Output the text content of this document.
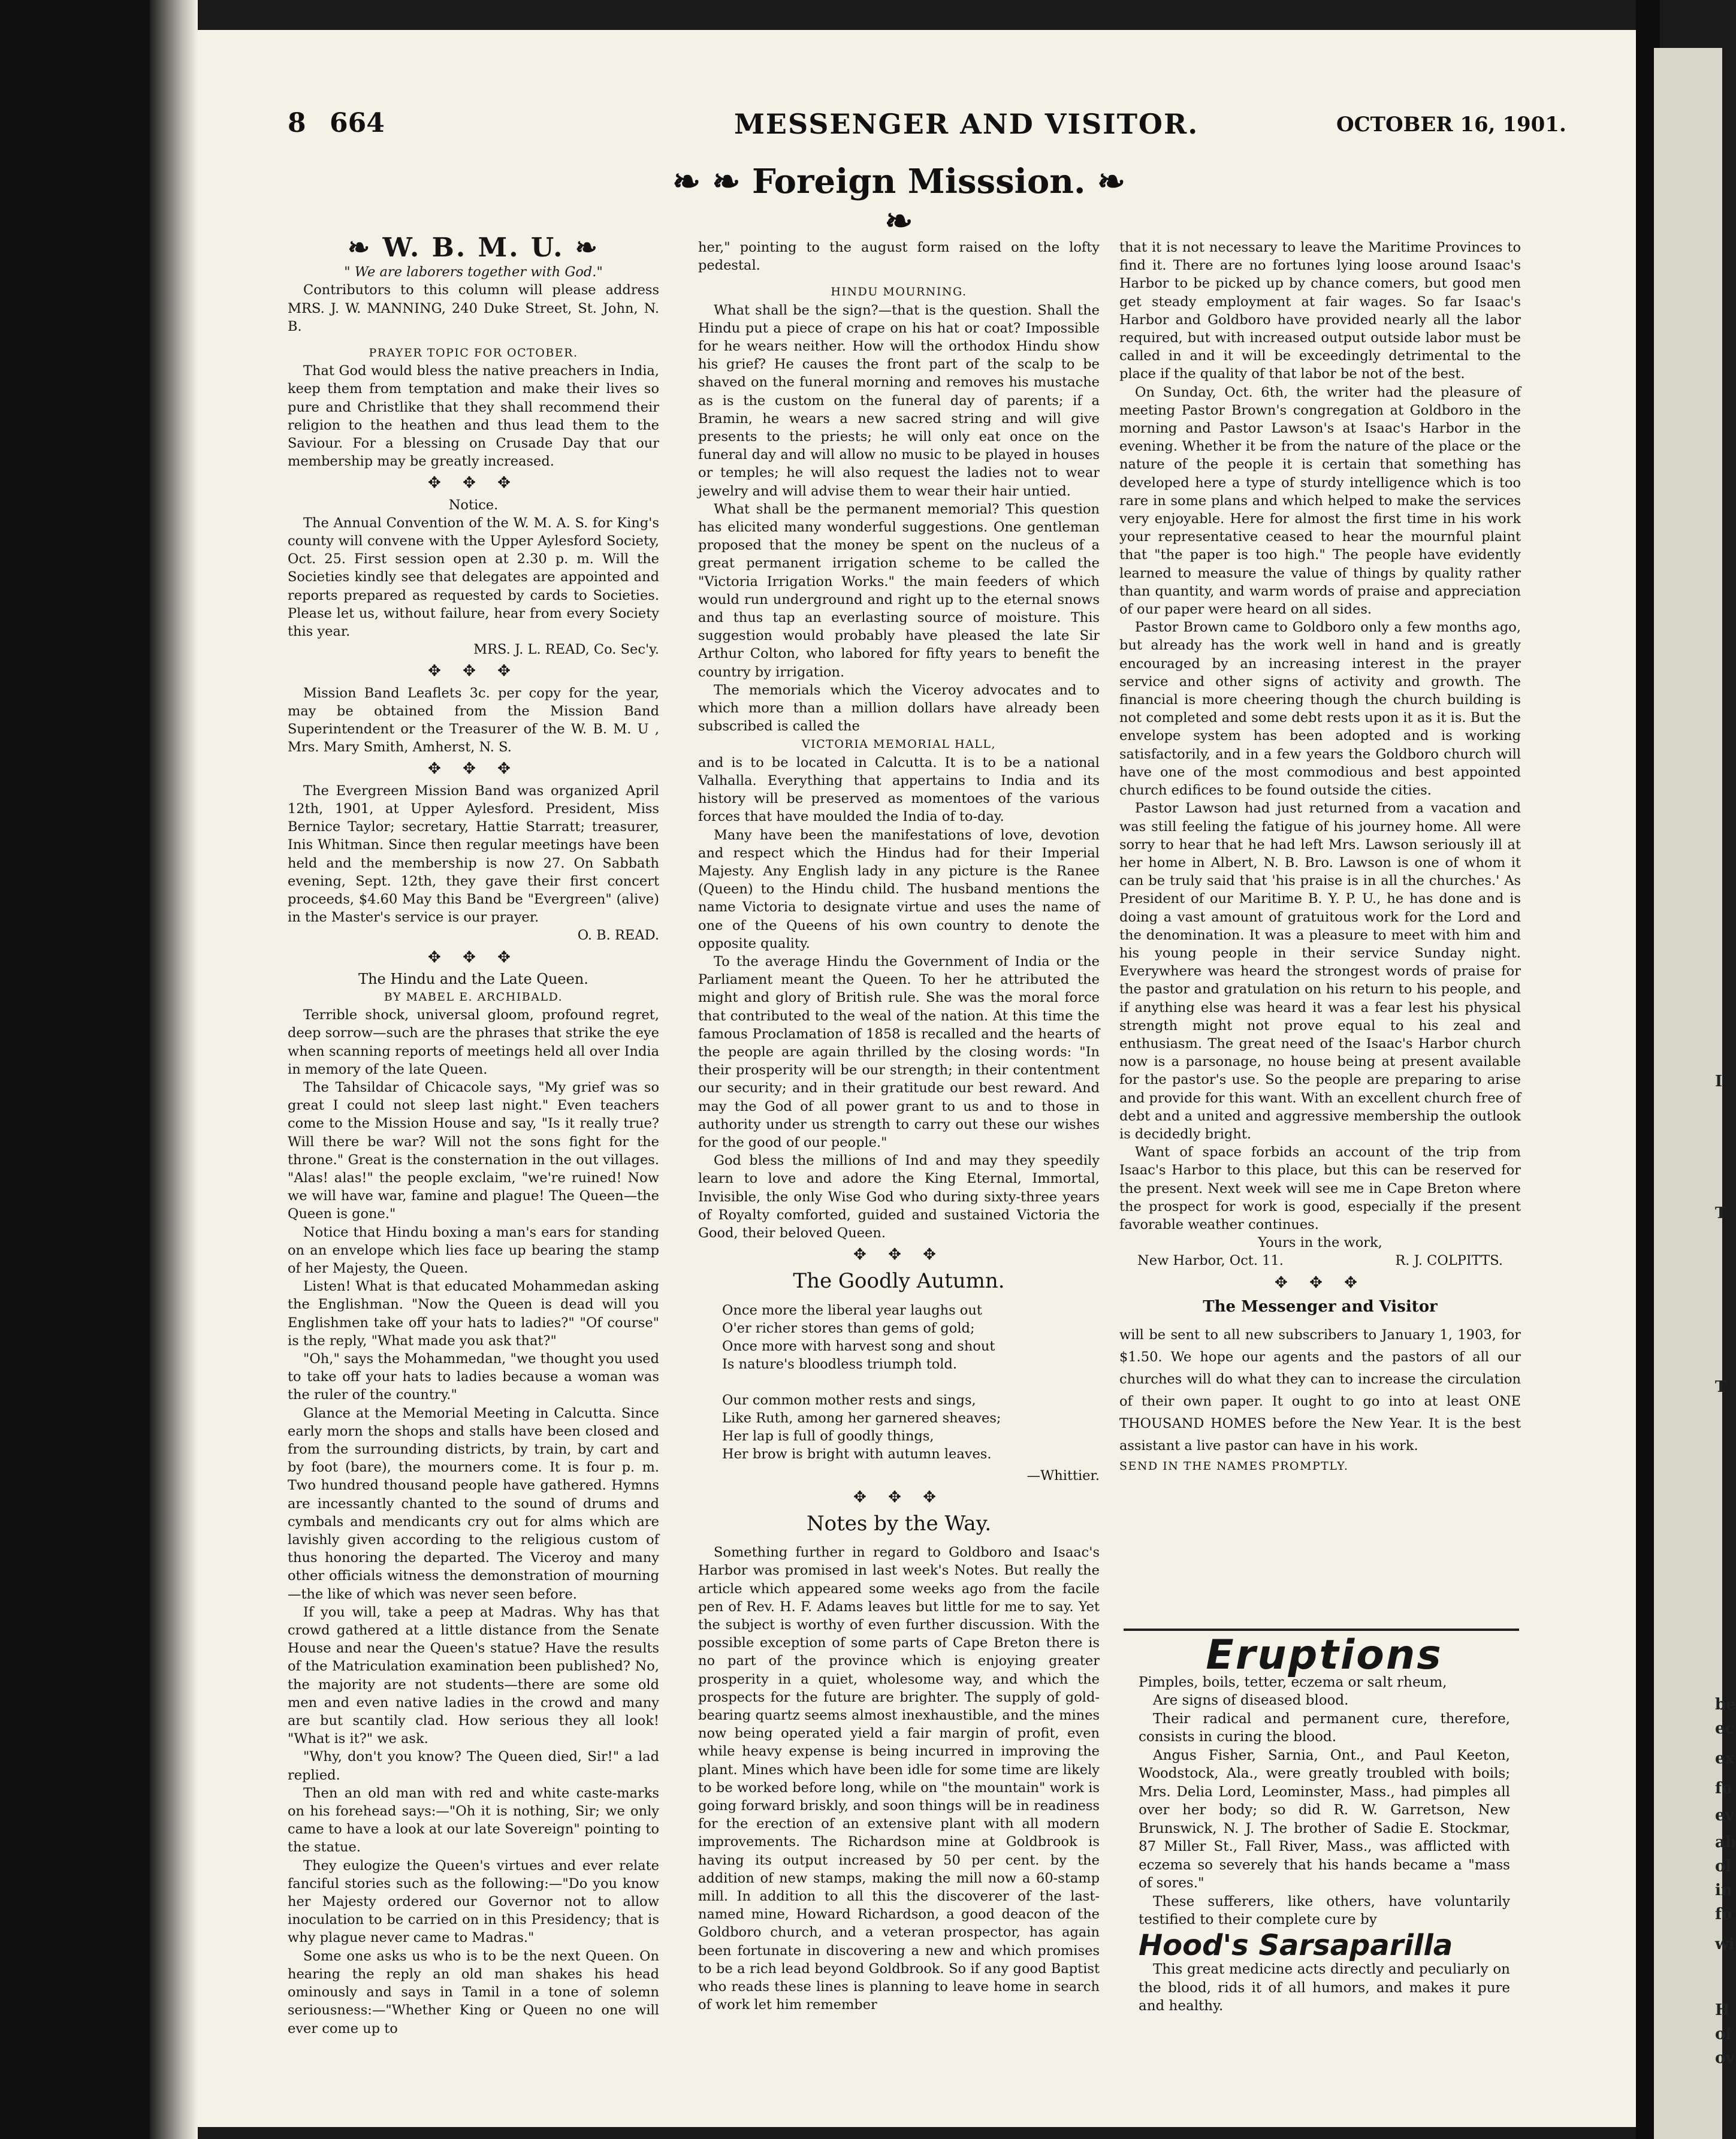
8 664	MESSENGER AND VISITOR.	OCTOBER 16, 1901.
❧ ❧ Foreign Misssion. ❧ ❧
❧ W. B. M. U. ❧

" We are laborers together with God."

Contributors to this column will please address MRS. J. W. MANNING, 240 Duke Street, St. John, N. B.

PRAYER TOPIC FOR OCTOBER.

That God would bless the native preachers in India, keep them from temptation and make their lives so pure and Christlike that they shall recommend their religion to the heathen and thus lead them to the Saviour. For a blessing on Crusade Day that our membership may be greatly increased.

✥ ✥ ✥

Notice.

The Annual Convention of the W. M. A. S. for King's county will convene with the Upper Aylesford Society, Oct. 25. First session open at 2.30 p. m. Will the Societies kindly see that delegates are appointed and reports prepared as requested by cards to Societies. Please let us, without failure, hear from every Society this year.

MRS. J. L. READ, Co. Sec'y.

✥ ✥ ✥

Mission Band Leaflets 3c. per copy for the year, may be obtained from the Mission Band Superintendent or the Treasurer of the W. B. M. U , Mrs. Mary Smith, Amherst, N. S.

✥ ✥ ✥

The Evergreen Mission Band was organized April 12th, 1901, at Upper Aylesford. President, Miss Bernice Taylor; secretary, Hattie Starratt; treasurer, Inis Whitman. Since then regular meetings have been held and the membership is now 27. On Sabbath evening, Sept. 12th, they gave their first concert proceeds, $4.60 May this Band be "Evergreen" (alive) in the Master's service is our prayer.

O. B. READ.

✥ ✥ ✥

The Hindu and the Late Queen.

BY MABEL E. ARCHIBALD.

Terrible shock, universal gloom, profound regret, deep sorrow—such are the phrases that strike the eye when scanning reports of meetings held all over India in memory of the late Queen.

The Tahsildar of Chicacole says, "My grief was so great I could not sleep last night." Even teachers come to the Mission House and say, "Is it really true? Will there be war? Will not the sons fight for the throne." Great is the consternation in the out villages. "Alas! alas!" the people exclaim, "we're ruined! Now we will have war, famine and plague! The Queen—the Queen is gone."

Notice that Hindu boxing a man's ears for standing on an envelope which lies face up bearing the stamp of her Majesty, the Queen.

Listen! What is that educated Mohammedan asking the Englishman. "Now the Queen is dead will you Englishmen take off your hats to ladies?" "Of course" is the reply, "What made you ask that?"

"Oh," says the Mohammedan, "we thought you used to take off your hats to ladies because a woman was the ruler of the country."

Glance at the Memorial Meeting in Calcutta. Since early morn the shops and stalls have been closed and from the surrounding districts, by train, by cart and by foot (bare), the mourners come. It is four p. m. Two hundred thousand people have gathered. Hymns are incessantly chanted to the sound of drums and cymbals and mendicants cry out for alms which are lavishly given according to the religious custom of thus honoring the departed. The Viceroy and many other officials witness the demonstration of mourning—the like of which was never seen before.

If you will, take a peep at Madras. Why has that crowd gathered at a little distance from the Senate House and near the Queen's statue? Have the results of the Matriculation examination been published? No, the majority are not students—there are some old men and even native ladies in the crowd and many are but scantily clad. How serious they all look! "What is it?" we ask.

"Why, don't you know? The Queen died, Sir!" a lad replied.

Then an old man with red and white caste-marks on his forehead says:—"Oh it is nothing, Sir; we only came to have a look at our late Sovereign" pointing to the statue.

They eulogize the Queen's virtues and ever relate fanciful stories such as the following:—"Do you know her Majesty ordered our Governor not to allow inoculation to be carried on in this Presidency; that is why plague never came to Madras."

Some one asks us who is to be the next Queen. On hearing the reply an old man shakes his head ominously and says in Tamil in a tone of solemn seriousness:—"Whether King or Queen no one will ever come up to

her," pointing to the august form raised on the lofty pedestal.

HINDU MOURNING.

What shall be the sign?—that is the question. Shall the Hindu put a piece of crape on his hat or coat? Impossible for he wears neither. How will the orthodox Hindu show his grief? He causes the front part of the scalp to be shaved on the funeral morning and removes his mustache as is the custom on the funeral day of parents; if a Bramin, he wears a new sacred string and will give presents to the priests; he will only eat once on the funeral day and will allow no music to be played in houses or temples; he will also request the ladies not to wear jewelry and will advise them to wear their hair untied.

What shall be the permanent memorial? This question has elicited many wonderful suggestions. One gentleman proposed that the money be spent on the nucleus of a great permanent irrigation scheme to be called the "Victoria Irrigation Works." the main feeders of which would run underground and right up to the eternal snows and thus tap an everlasting source of moisture. This suggestion would probably have pleased the late Sir Arthur Colton, who labored for fifty years to benefit the country by irrigation.

The memorials which the Viceroy advocates and to which more than a million dollars have already been subscribed is called the

VICTORIA MEMORIAL HALL,

and is to be located in Calcutta. It is to be a national Valhalla. Everything that appertains to India and its history will be preserved as momentoes of the various forces that have moulded the India of to-day.

Many have been the manifestations of love, devotion and respect which the Hindus had for their Imperial Majesty. Any English lady in any picture is the Ranee (Queen) to the Hindu child. The husband mentions the name Victoria to designate virtue and uses the name of one of the Queens of his own country to denote the opposite quality.

To the average Hindu the Government of India or the Parliament meant the Queen. To her he attributed the might and glory of British rule. She was the moral force that contributed to the weal of the nation. At this time the famous Proclamation of 1858 is recalled and the hearts of the people are again thrilled by the closing words: "In their prosperity will be our strength; in their contentment our security; and in their gratitude our best reward. And may the God of all power grant to us and to those in authority under us strength to carry out these our wishes for the good of our people."

God bless the millions of Ind and may they speedily learn to love and adore the King Eternal, Immortal, Invisible, the only Wise God who during sixty-three years of Royalty comforted, guided and sustained Victoria the Good, their beloved Queen.

✥ ✥ ✥

The Goodly Autumn.
Once more the liberal year laughs out
O'er richer stores than gems of gold;
Once more with harvest song and shout
Is nature's bloodless triumph told.

Our common mother rests and sings,
Like Ruth, among her garnered sheaves;
Her lap is full of goodly things,
Her brow is bright with autumn leaves.

—Whittier.

✥ ✥ ✥

Notes by the Way.

Something further in regard to Goldboro and Isaac's Harbor was promised in last week's Notes. But really the article which appeared some weeks ago from the facile pen of Rev. H. F. Adams leaves but little for me to say. Yet the subject is worthy of even further discussion. With the possible exception of some parts of Cape Breton there is no part of the province which is enjoying greater prosperity in a quiet, wholesome way, and which the prospects for the future are brighter. The supply of gold-bearing quartz seems almost inexhaustible, and the mines now being operated yield a fair margin of profit, even while heavy expense is being incurred in improving the plant. Mines which have been idle for some time are likely to be worked before long, while on "the mountain" work is going forward briskly, and soon things will be in readiness for the erection of an extensive plant with all modern improvements. The Richardson mine at Goldbrook is having its output increased by 50 per cent. by the addition of new stamps, making the mill now a 60-stamp mill. In addition to all this the discoverer of the last-named mine, Howard Richardson, a good deacon of the Goldboro church, and a veteran prospector, has again been fortunate in discovering a new and which promises to be a rich lead beyond Goldbrook. So if any good Baptist who reads these lines is planning to leave home in search of work let him remember

that it is not necessary to leave the Maritime Provinces to find it. There are no fortunes lying loose around Isaac's Harbor to be picked up by chance comers, but good men get steady employment at fair wages. So far Isaac's Harbor and Goldboro have provided nearly all the labor required, but with increased output outside labor must be called in and it will be exceedingly detrimental to the place if the quality of that labor be not of the best.

On Sunday, Oct. 6th, the writer had the pleasure of meeting Pastor Brown's congregation at Goldboro in the morning and Pastor Lawson's at Isaac's Harbor in the evening. Whether it be from the nature of the place or the nature of the people it is certain that something has developed here a type of sturdy intelligence which is too rare in some plans and which helped to make the services very enjoyable. Here for almost the first time in his work your representative ceased to hear the mournful plaint that "the paper is too high." The people have evidently learned to measure the value of things by quality rather than quantity, and warm words of praise and appreciation of our paper were heard on all sides.

Pastor Brown came to Goldboro only a few months ago, but already has the work well in hand and is greatly encouraged by an increasing interest in the prayer service and other signs of activity and growth. The financial is more cheering though the church building is not completed and some debt rests upon it as it is. But the envelope system has been adopted and is working satisfactorily, and in a few years the Goldboro church will have one of the most commodious and best appointed church edifices to be found outside the cities.

Pastor Lawson had just returned from a vacation and was still feeling the fatigue of his journey home. All were sorry to hear that he had left Mrs. Lawson seriously ill at her home in Albert, N. B. Bro. Lawson is one of whom it can be truly said that 'his praise is in all the churches.' As President of our Maritime B. Y. P. U., he has done and is doing a vast amount of gratuitous work for the Lord and the denomination. It was a pleasure to meet with him and his young people in their service Sunday night. Everywhere was heard the strongest words of praise for the pastor and gratulation on his return to his people, and if anything else was heard it was a fear lest his physical strength might not prove equal to his zeal and enthusiasm. The great need of the Isaac's Harbor church now is a parsonage, no house being at present available for the pastor's use. So the people are preparing to arise and provide for this want. With an excellent church free of debt and a united and aggressive membership the outlook is decidedly bright.

Want of space forbids an account of the trip from Isaac's Harbor to this place, but this can be reserved for the present. Next week will see me in Cape Breton where the prospect for work is good, especially if the present favorable weather continues.

Yours in the work,

New Harbor, Oct. 11.	R. J. COLPITTS.

✥ ✥ ✥

The Messenger and Visitor

will be sent to all new subscribers to January 1, 1903, for $1.50. We hope our agents and the pastors of all our churches will do what they can to increase the circulation of their own paper. It ought to go into at least ONE THOUSAND HOMES before the New Year. It is the best assistant a live pastor can have in his work.

SEND IN THE NAMES PROMPTLY.

Eruptions

Pimples, boils, tetter, eczema or salt rheum,

Are signs of diseased blood.

Their radical and permanent cure, therefore, consists in curing the blood.

Angus Fisher, Sarnia, Ont., and Paul Keeton, Woodstock, Ala., were greatly troubled with boils; Mrs. Delia Lord, Leominster, Mass., had pimples all over her body; so did R. W. Garretson, New Brunswick, N. J. The brother of Sadie E. Stockmar, 87 Miller St., Fall River, Mass., was afflicted with eczema so severely that his hands became a "mass of sores."

These sufferers, like others, have voluntarily testified to their complete cure by

Hood's Sarsaparilla

This great medicine acts directly and peculiarly on the blood, rids it of all humors, and makes it pure and healthy.

I
T
T
be
ec
ex
fo
ev
ab
ol
in
fo
wi
H
of
ov
